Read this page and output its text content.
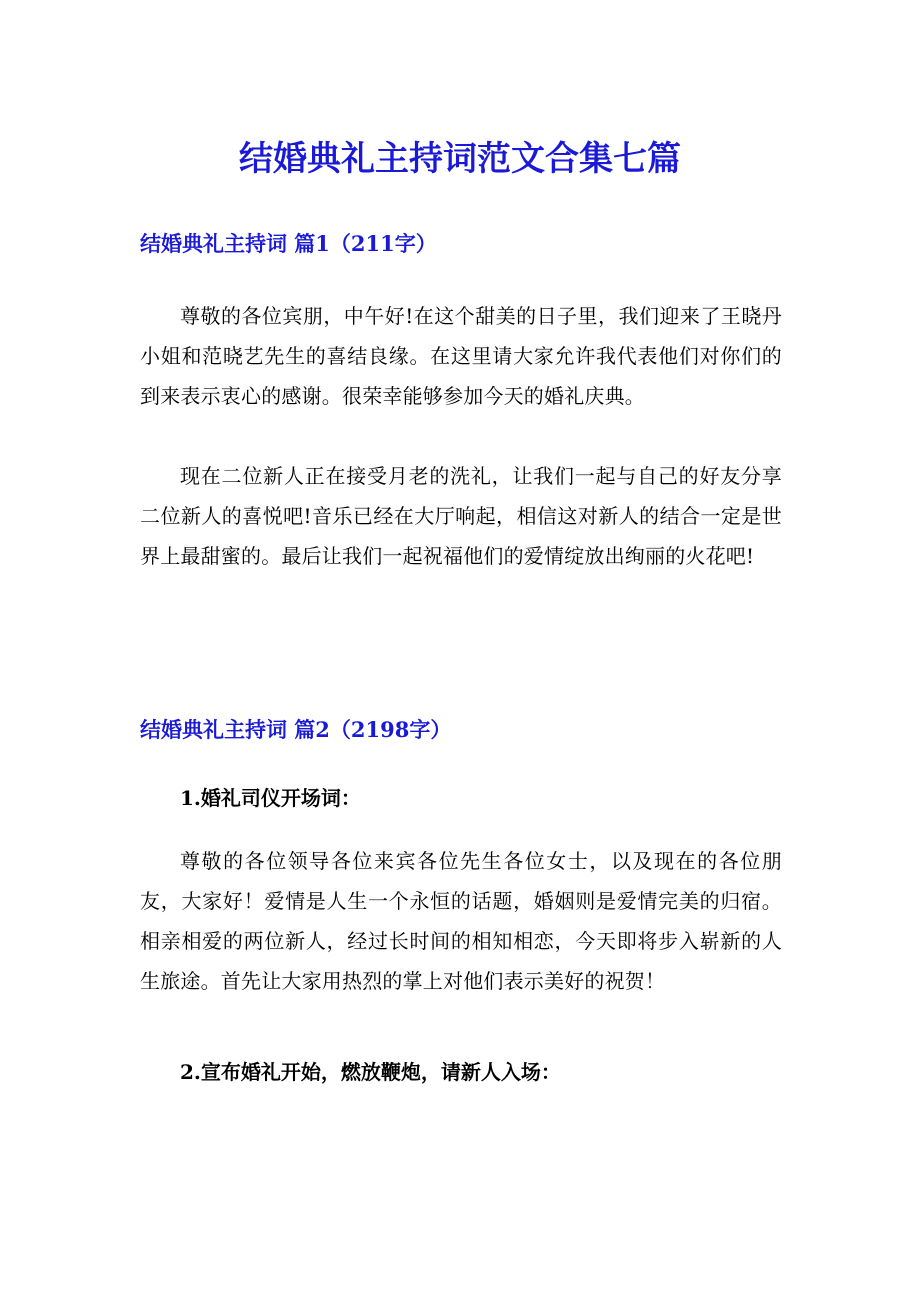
结婚典礼主持词范文合集七篇
结婚典礼主持词 篇1（211字）

尊敬的各位宾朋，中午好!在这个甜美的日子里，我们迎来了王晓丹小姐和范晓艺先生的喜结良缘。在这里请大家允许我代表他们对你们的到来表示衷心的感谢。很荣幸能够参加今天的婚礼庆典。

现在二位新人正在接受月老的洗礼，让我们一起与自己的好友分享二位新人的喜悦吧!音乐已经在大厅响起，相信这对新人的结合一定是世界上最甜蜜的。最后让我们一起祝福他们的爱情绽放出绚丽的火花吧!

结婚典礼主持词 篇2（2198字）

1.婚礼司仪开场词：

尊敬的各位领导各位来宾各位先生各位女士，以及现在的各位朋友，大家好！爱情是人生一个永恒的话题，婚姻则是爱情完美的归宿。相亲相爱的两位新人，经过长时间的相知相恋，今天即将步入崭新的人生旅途。首先让大家用热烈的掌上对他们表示美好的祝贺！

2.宣布婚礼开始，燃放鞭炮，请新人入场：
